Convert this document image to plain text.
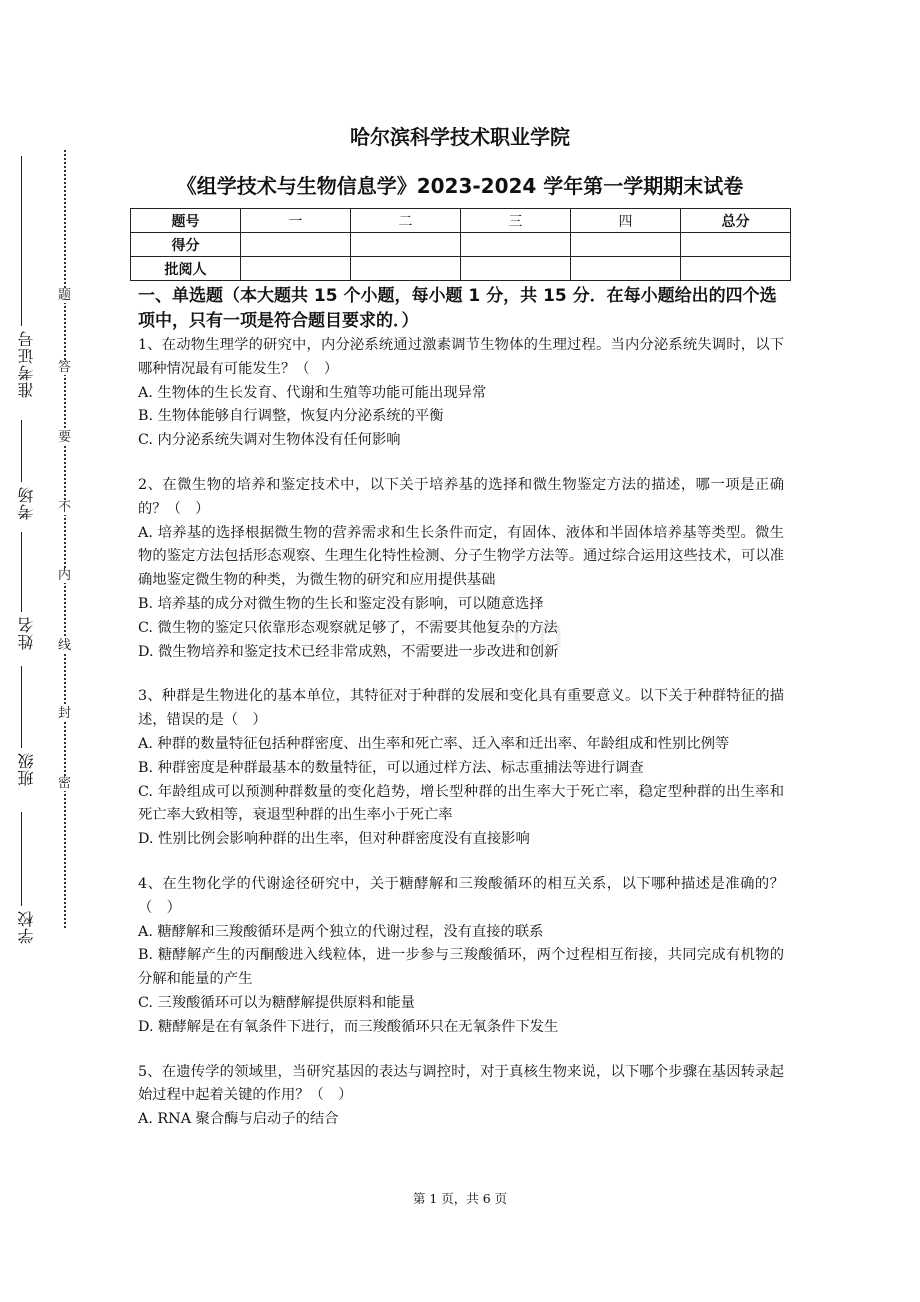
题
答
要
不
内
线
封
密
准考证号
考场
姓名
班级
学校
哈尔滨科学技术职业学院
《组学技术与生物信息学》2023-2024 学年第一学期期末试卷
题号	一	二	三	四	总分
得分					
批阅人					

一、单选题（本大题共 15 个小题，每小题 1 分，共 15 分．在每小题给出的四个选项中，只有一项是符合题目要求的．）

1、在动物生理学的研究中，内分泌系统通过激素调节生物体的生理过程。当内分泌系统失调时，以下哪种情况最有可能发生？（　）

A. 生物体的生长发育、代谢和生殖等功能可能出现异常

B. 生物体能够自行调整，恢复内分泌系统的平衡

C. 内分泌系统失调对生物体没有任何影响

2、在微生物的培养和鉴定技术中，以下关于培养基的选择和微生物鉴定方法的描述，哪一项是正确的？（　）

A. 培养基的选择根据微生物的营养需求和生长条件而定，有固体、液体和半固体培养基等类型。微生物的鉴定方法包括形态观察、生理生化特性检测、分子生物学方法等。通过综合运用这些技术，可以准确地鉴定微生物的种类，为微生物的研究和应用提供基础

B. 培养基的成分对微生物的生长和鉴定没有影响，可以随意选择

C. 微生物的鉴定只依靠形态观察就足够了，不需要其他复杂的方法

D. 微生物培养和鉴定技术已经非常成熟，不需要进一步改进和创新

3、种群是生物进化的基本单位，其特征对于种群的发展和变化具有重要意义。以下关于种群特征的描述，错误的是（　）

A. 种群的数量特征包括种群密度、出生率和死亡率、迁入率和迁出率、年龄组成和性别比例等

B. 种群密度是种群最基本的数量特征，可以通过样方法、标志重捕法等进行调查

C. 年龄组成可以预测种群数量的变化趋势，增长型种群的出生率大于死亡率，稳定型种群的出生率和死亡率大致相等，衰退型种群的出生率小于死亡率

D. 性别比例会影响种群的出生率，但对种群密度没有直接影响

4、在生物化学的代谢途径研究中，关于糖酵解和三羧酸循环的相互关系，以下哪种描述是准确的？（　）

A. 糖酵解和三羧酸循环是两个独立的代谢过程，没有直接的联系

B. 糖酵解产生的丙酮酸进入线粒体，进一步参与三羧酸循环，两个过程相互衔接，共同完成有机物的分解和能量的产生

C. 三羧酸循环可以为糖酵解提供原料和能量

D. 糖酵解是在有氧条件下进行，而三羧酸循环只在无氧条件下发生

5、在遗传学的领域里，当研究基因的表达与调控时，对于真核生物来说，以下哪个步骤在基因转录起始过程中起着关键的作用？（　）

A. RNA 聚合酶与启动子的结合

cn
第 1 页，共 6 页
